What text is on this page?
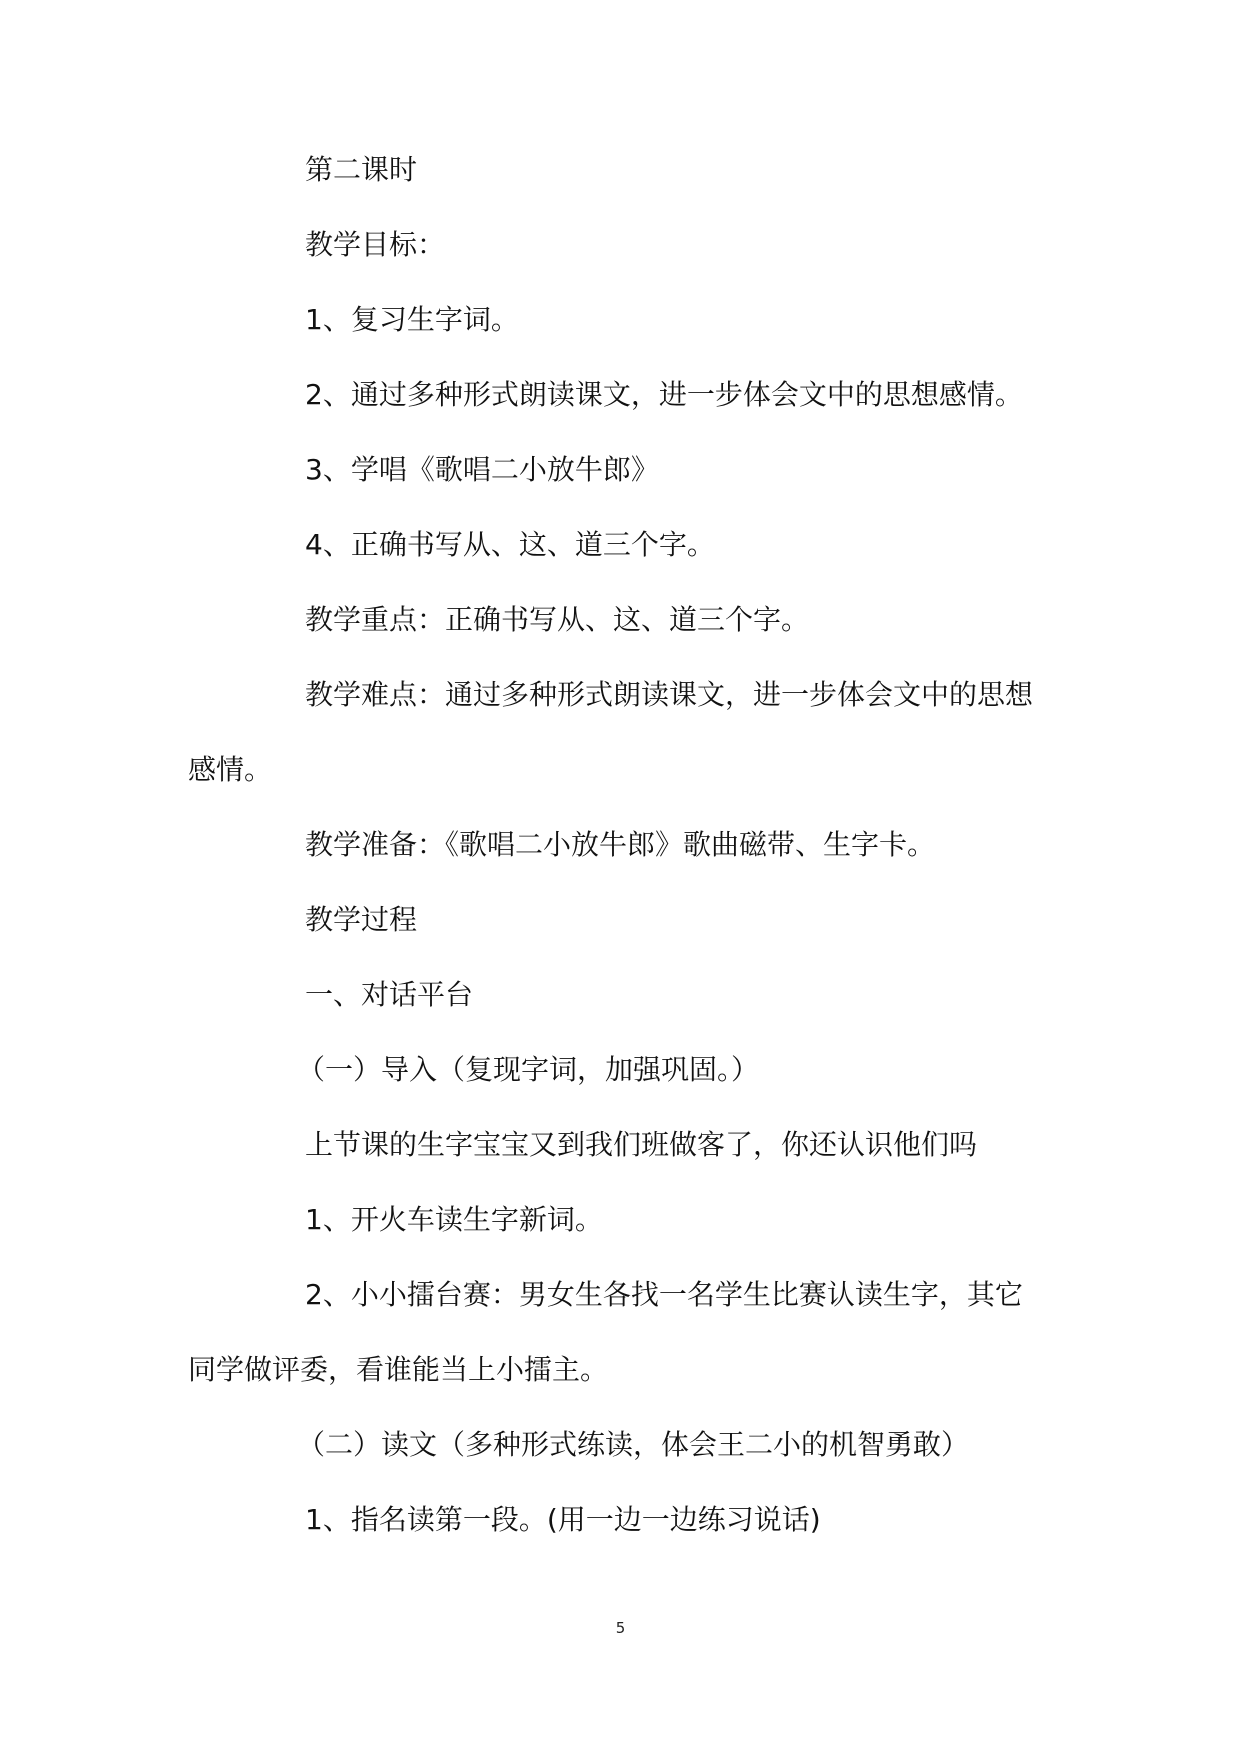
第二课时

教学目标：

1、复习生字词。

2、通过多种形式朗读课文，进一步体会文中的思想感情。

3、学唱《歌唱二小放牛郎》

4、正确书写从、这、道三个字。

教学重点：正确书写从、这、道三个字。

教学难点：通过多种形式朗读课文，进一步体会文中的思想

感情。

教学准备：《歌唱二小放牛郎》歌曲磁带、生字卡。

教学过程

一、对话平台

（一）导入（复现字词，加强巩固。）

上节课的生字宝宝又到我们班做客了，你还认识他们吗

1、开火车读生字新词。

2、小小擂台赛：男女生各找一名学生比赛认读生字，其它

同学做评委，看谁能当上小擂主。

（二）读文（多种形式练读，体会王二小的机智勇敢）

1、指名读第一段。(用一边一边练习说话)

5
